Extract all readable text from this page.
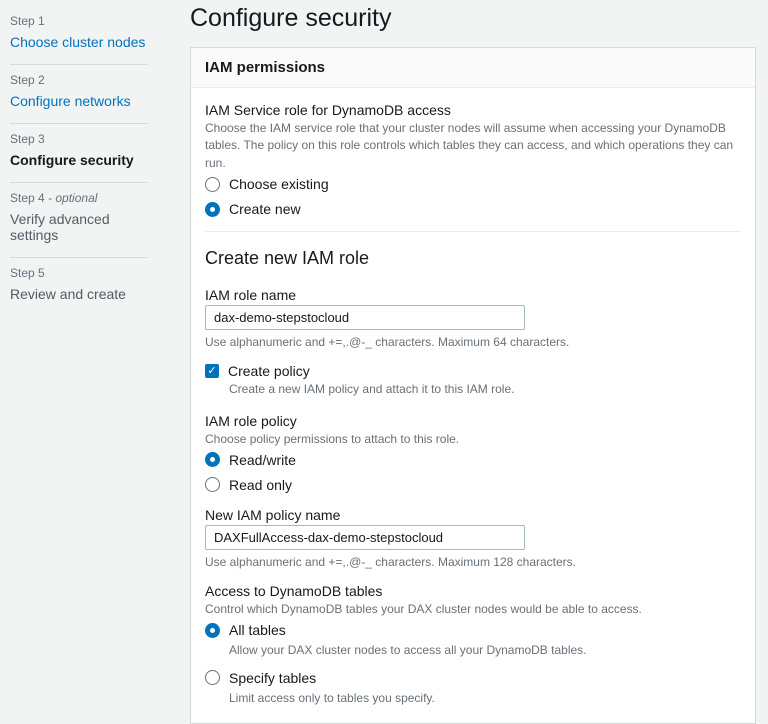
Step 1
Choose cluster nodes
Step 2
Configure networks
Step 3
Configure security
Step 4 - optional
Verify advanced settings
Step 5
Review and create
Configure security
IAM permissions
IAM Service role for DynamoDB access
Choose the IAM service role that your cluster nodes will assume when accessing your DynamoDB tables. The policy on this role controls which tables they can access, and which operations they can run.
Choose existing
Create new
Create new IAM role
IAM role name
dax-demo-stepstocloud
Use alphanumeric and +=,.@-_ characters. Maximum 64 characters.
✓
Create policy
Create a new IAM policy and attach it to this IAM role.
IAM role policy
Choose policy permissions to attach to this role.
Read/write
Read only
New IAM policy name
DAXFullAccess-dax-demo-stepstocloud
Use alphanumeric and +=,.@-_ characters. Maximum 128 characters.
Access to DynamoDB tables
Control which DynamoDB tables your DAX cluster nodes would be able to access.
All tables
Allow your DAX cluster nodes to access all your DynamoDB tables.
Specify tables
Limit access only to tables you specify.
